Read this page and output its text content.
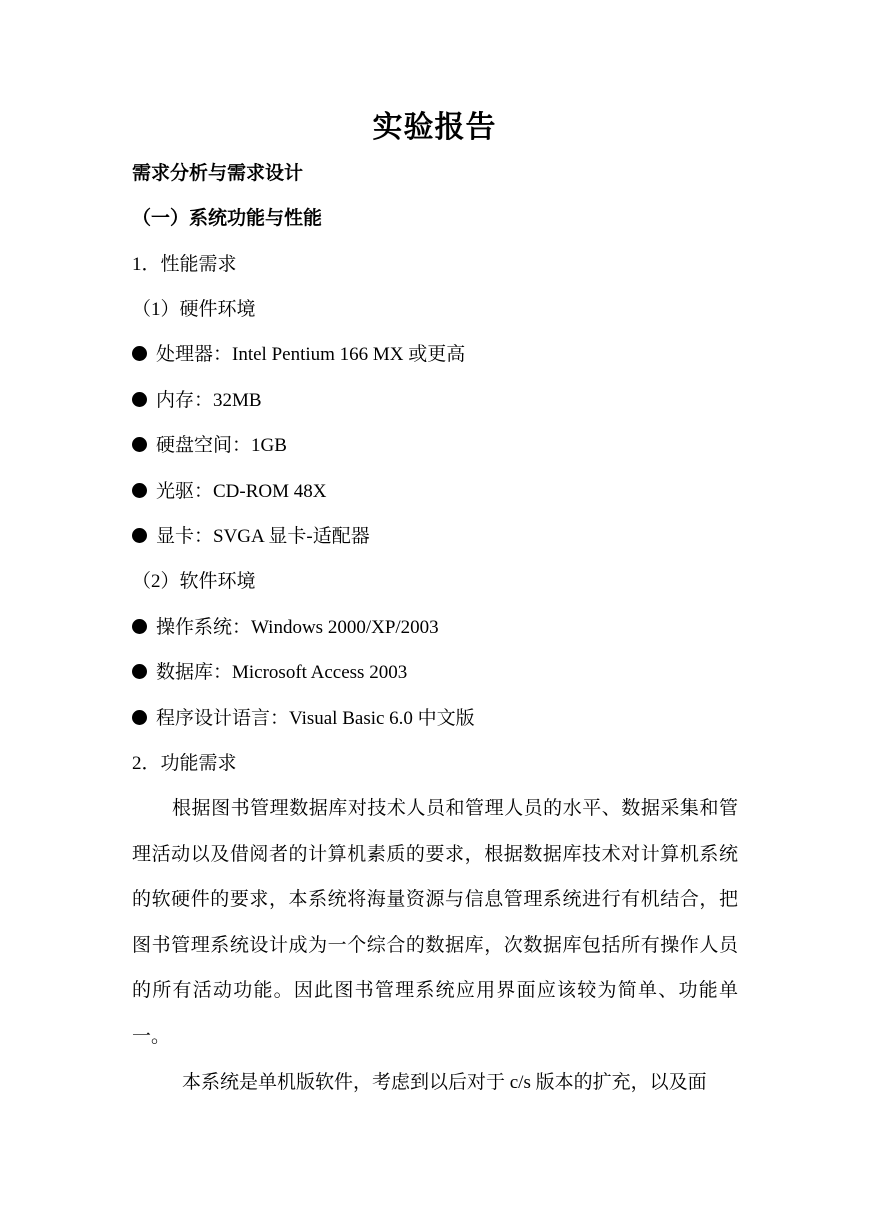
实验报告
需求分析与需求设计
（一）系统功能与性能
1．性能需求
（1）硬件环境
处理器：Intel Pentium 166 MX 或更高
内存：32MB
硬盘空间：1GB
光驱：CD-ROM 48X
显卡：SVGA 显卡-适配器
（2）软件环境
操作系统：Windows 2000/XP/2003
数据库：Microsoft Access 2003
程序设计语言：Visual Basic 6.0 中文版
2．功能需求
根据图书管理数据库对技术人员和管理人员的水平、数据采集和管理活动以及借阅者的计算机素质的要求，根据数据库技术对计算机系统的软硬件的要求，本系统将海量资源与信息管理系统进行有机结合，把图书管理系统设计成为一个综合的数据库，次数据库包括所有操作人员的所有活动功能。因此图书管理系统应用界面应该较为简单、功能单一。
本系统是单机版软件，考虑到以后对于 c/s 版本的扩充，以及面
